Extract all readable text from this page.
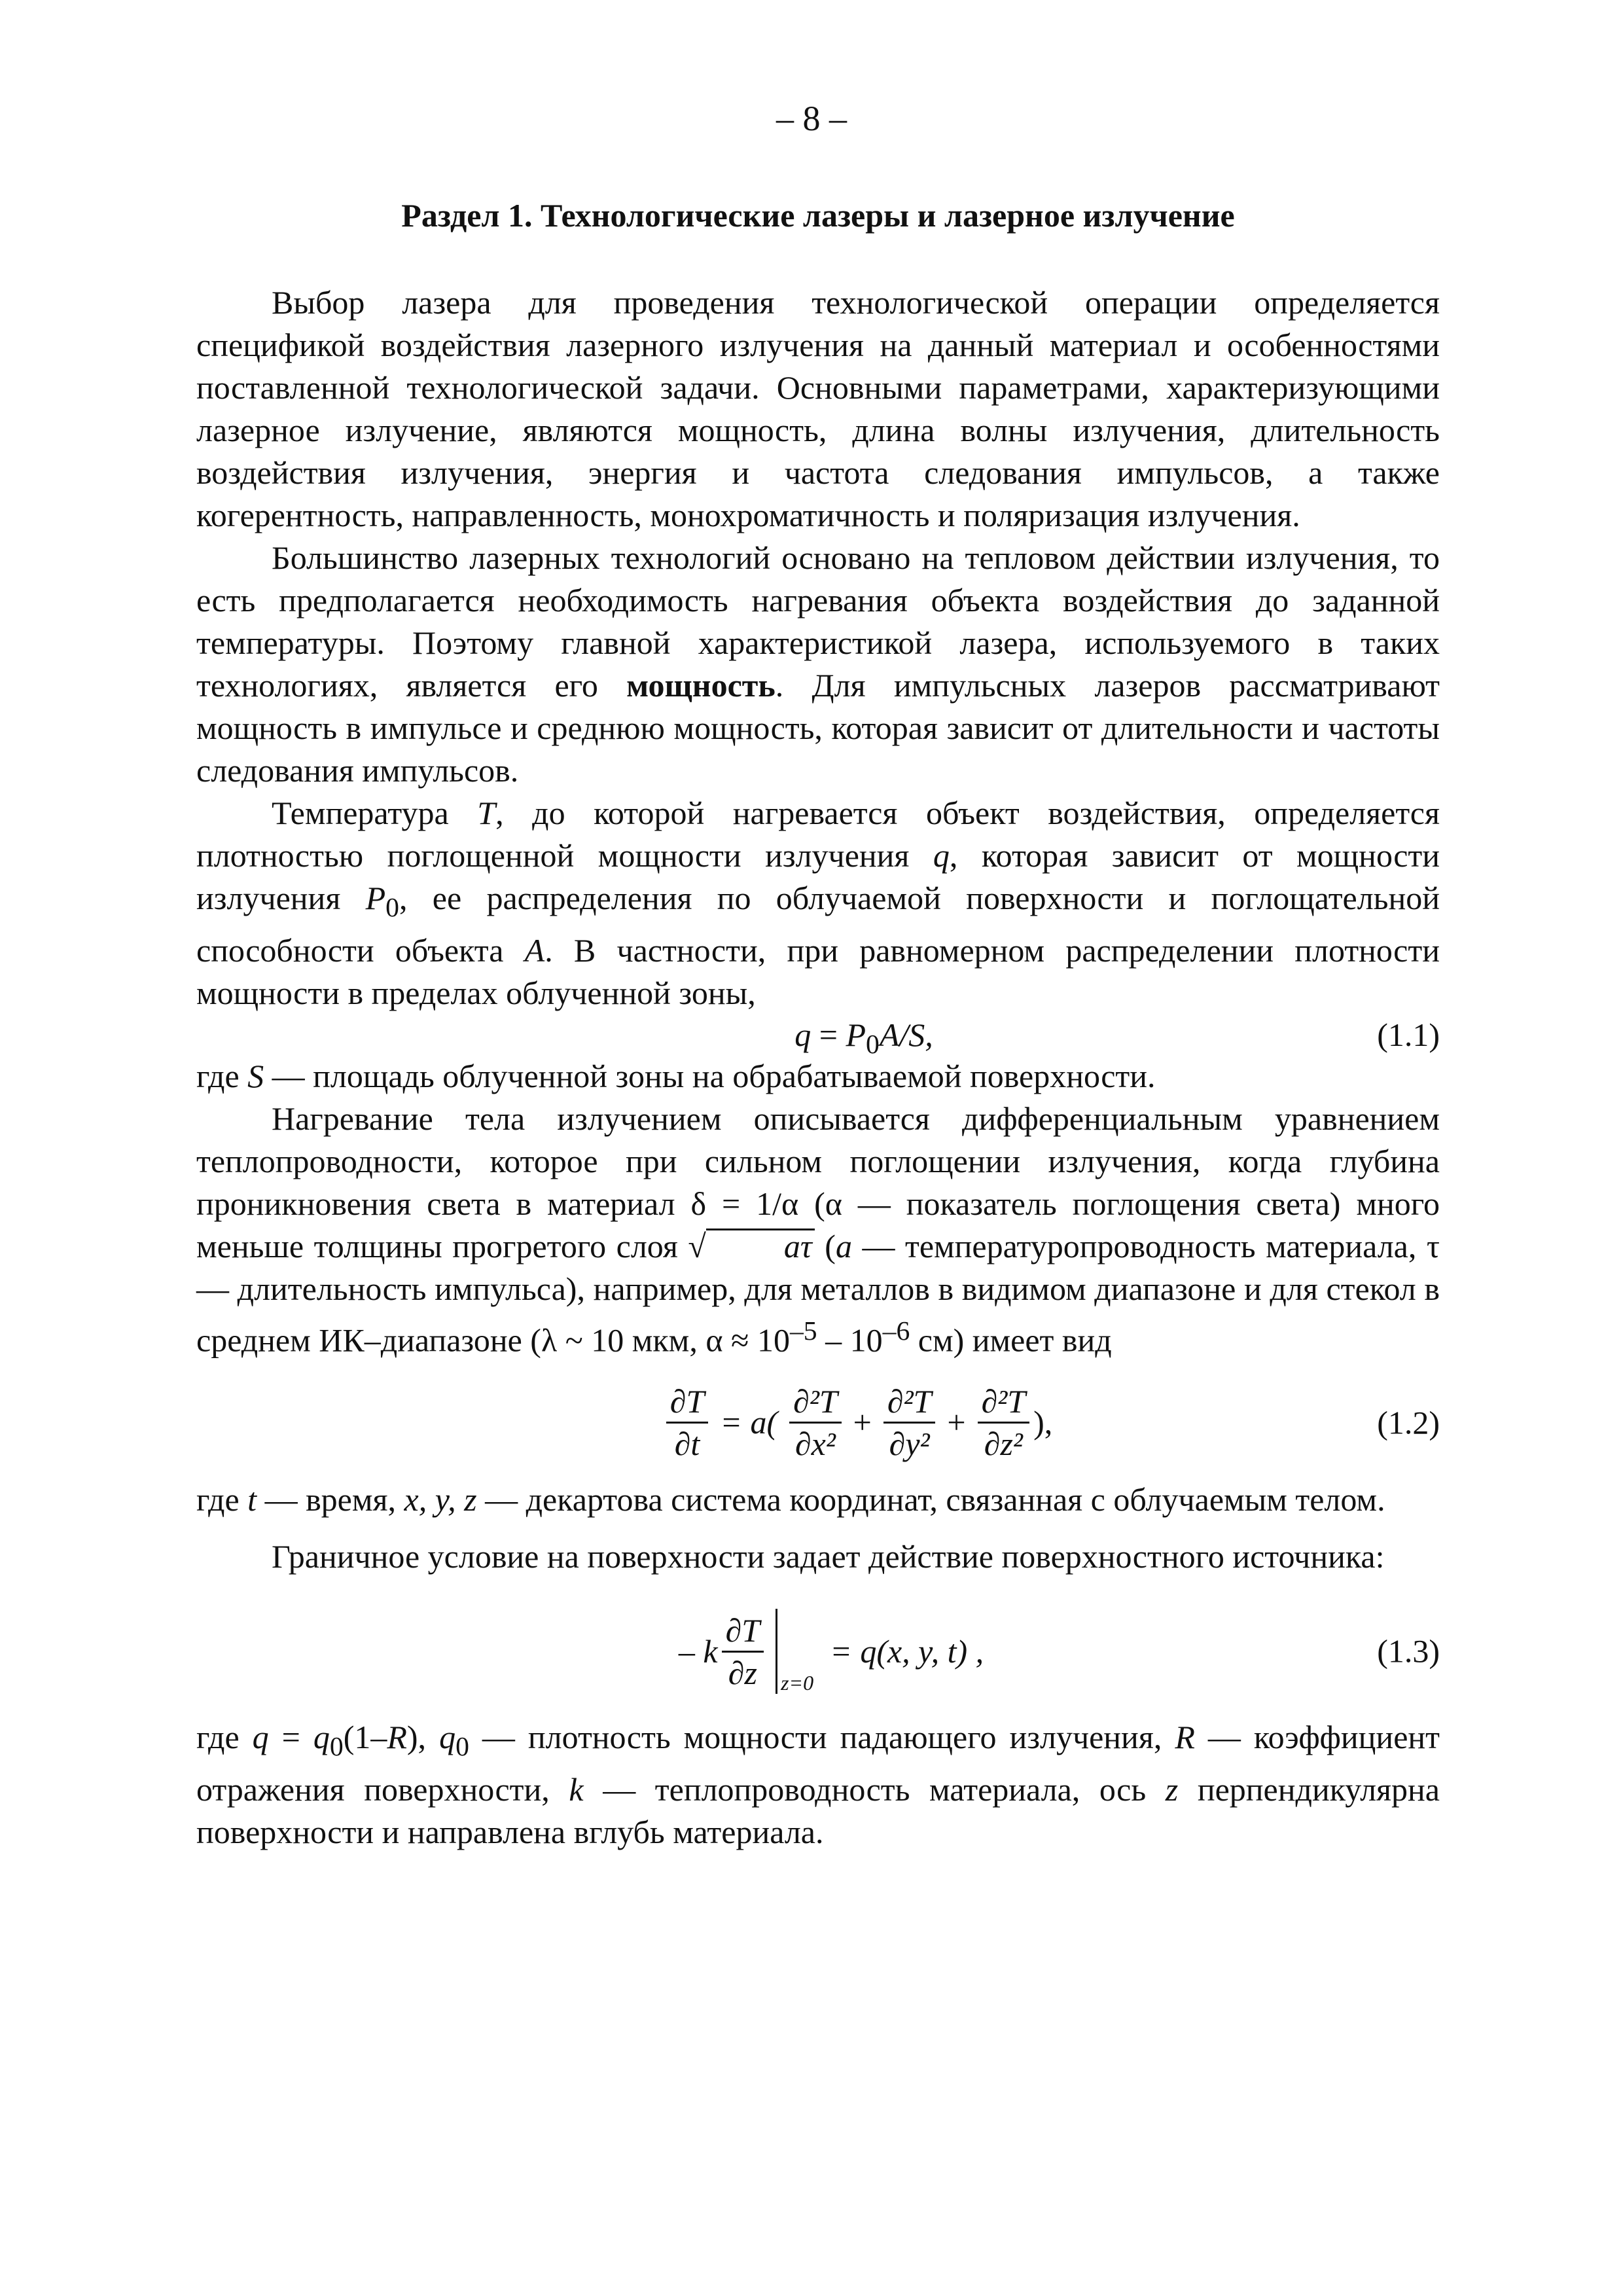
– 8 –
Раздел 1. Технологические лазеры и лазерное излучение

Выбор лазера для проведения технологической операции определяется спецификой воздействия лазерного излучения на данный материал и особенностями поставленной технологической задачи. Основными параметрами, характеризующими лазерное излучение, являются мощность, длина волны излучения, длительность воздействия излучения, энергия и частота следования импульсов, а также когерентность, направленность, монохроматичность и поляризация излучения.

Большинство лазерных технологий основано на тепловом действии излучения, то есть предполагается необходимость нагревания объекта воздействия до заданной температуры. Поэтому главной характеристикой лазера, используемого в таких технологиях, является его мощность. Для импульсных лазеров рассматривают мощность в импульсе и среднюю мощность, которая зависит от длительности и частоты следования импульсов.

Температура T, до которой нагревается объект воздействия, определяется плотностью поглощенной мощности излучения q, которая зависит от мощности излучения $P_0$, ее распределения по облучаемой поверхности и поглощательной способности объекта A. В частности, при равномерном распределении плотности мощности в пределах облученной зоны,

$q = P_0A/S$,	(1.1)

где S — площадь облученной зоны на обрабатываемой поверхности.

Нагревание тела излучением описывается дифференциальным уравнением теплопроводности, которое при сильном поглощении излучения, когда глубина проникновения света в материал δ = 1/α (α — показатель поглощения света) много меньше толщины прогретого слоя √ aτ (a — температуропроводность материала, τ — длительность импульса), например, для металлов в видимом диапазоне и для стекол в среднем ИК–диапазоне (λ ~ 10 мкм, $\alpha \approx 10^{-5} - 10^{-6}$ см) имеет вид

$\frac{\partial T}{\partial t} = a( \frac{\text{∂²T}}{\text{∂x²}} + \frac{\text{∂²T}}{\text{∂y²}} + \frac{\text{∂²T}}{\text{∂z²}}$ ),	(1.2)

где t — время, x, y, z — декартова система координат, связанная с облучаемым телом.

Граничное условие на поверхности задает действие поверхностного источника:

– k $\frac{\partial T}{\partial z} z=0$
= q(x, y, t) ,	(1.3)

где $q = q_0(1-R)$, $q_0$ — плотность мощности падающего излучения, R — коэффициент отражения поверхности, k — теплопроводность материала, ось z перпендикулярна поверхности и направлена вглубь материала.
